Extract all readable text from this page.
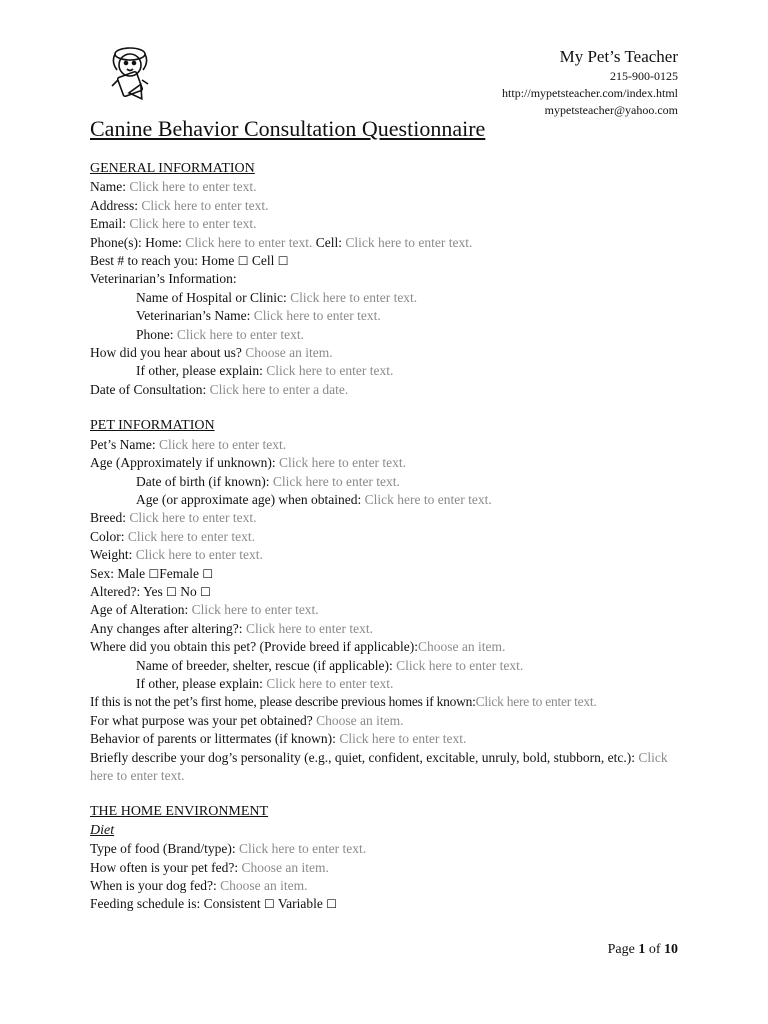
My Pet’s Teacher
215-900-0125
http://mypetsteacher.com/index.html
mypetsteacher@yahoo.com
Canine Behavior Consultation Questionnaire
GENERAL INFORMATION
Name: Click here to enter text.
Address: Click here to enter text.
Email: Click here to enter text.
Phone(s): Home: Click here to enter text. Cell: Click here to enter text.
Best # to reach you: Home ☐ Cell ☐
Veterinarian’s Information:
Name of Hospital or Clinic: Click here to enter text.
Veterinarian’s Name: Click here to enter text.
Phone: Click here to enter text.
How did you hear about us? Choose an item.
If other, please explain: Click here to enter text.
Date of Consultation: Click here to enter a date.
PET INFORMATION
Pet’s Name: Click here to enter text.
Age (Approximately if unknown): Click here to enter text.
Date of birth (if known): Click here to enter text.
Age (or approximate age) when obtained: Click here to enter text.
Breed: Click here to enter text.
Color: Click here to enter text.
Weight: Click here to enter text.
Sex: Male ☐Female ☐
Altered?: Yes ☐ No ☐
Age of Alteration: Click here to enter text.
Any changes after altering?: Click here to enter text.
Where did you obtain this pet? (Provide breed if applicable):Choose an item.
Name of breeder, shelter, rescue (if applicable): Click here to enter text.
If other, please explain: Click here to enter text.
If this is not the pet’s first home, please describe previous homes if known:Click here to enter text.
For what purpose was your pet obtained? Choose an item.
Behavior of parents or littermates (if known): Click here to enter text.
Briefly describe your dog’s personality (e.g., quiet, confident, excitable, unruly, bold, stubborn, etc.): Click here to enter text.
THE HOME ENVIRONMENT
Diet
Type of food (Brand/type): Click here to enter text.
How often is your pet fed?: Choose an item.
When is your dog fed?: Choose an item.
Feeding schedule is: Consistent ☐ Variable ☐
Page 1 of 10
